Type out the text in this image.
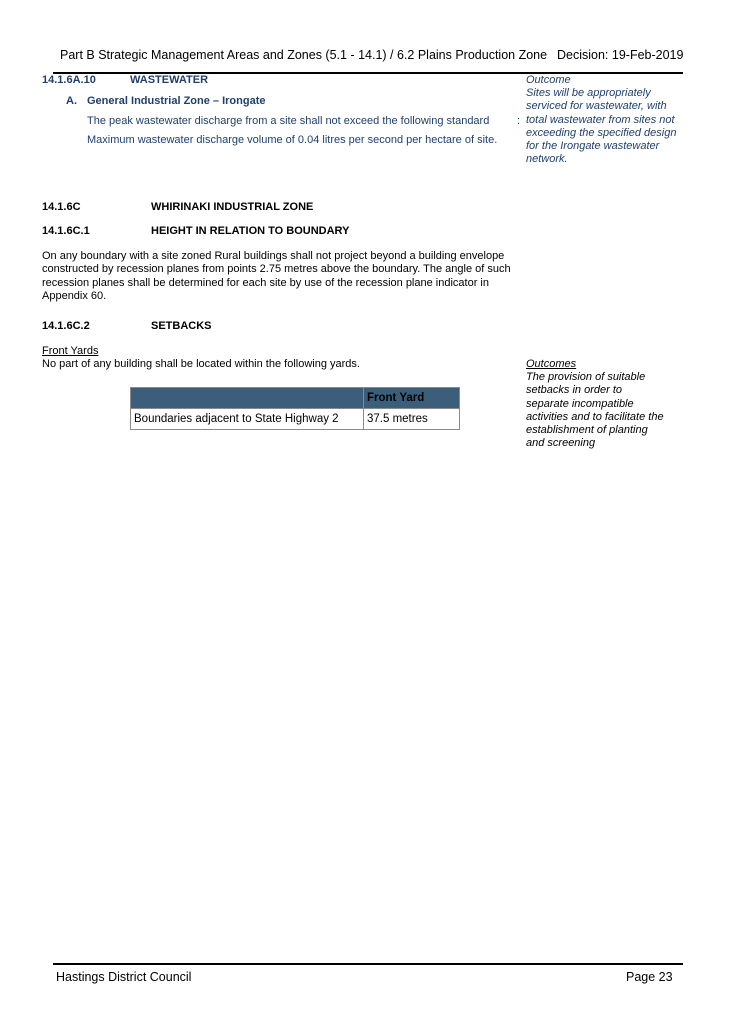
Part B Strategic Management Areas and Zones (5.1 - 14.1) / 6.2 Plains Production Zone Decision: 19-Feb-2019
14.1.6A.10	WASTEWATER
A. General Industrial Zone – Irongate
The peak wastewater discharge from a site shall not exceed the following standard	:
Maximum wastewater discharge volume of 0.04 litres per second per hectare of site.
Outcome
Sites will be appropriately
serviced for wastewater, with
total wastewater from sites not
exceeding the specified design
for the Irongate wastewater
network.
14.1.6C	WHIRINAKI INDUSTRIAL ZONE
14.1.6C.1	HEIGHT IN RELATION TO BOUNDARY
On any boundary with a site zoned Rural buildings shall not project beyond a building envelope
constructed by recession planes from points 2.75 metres above the boundary. The angle of such
recession planes shall be determined for each site by use of the recession plane indicator in
Appendix 60.
14.1.6C.2	SETBACKS
Front Yards
No part of any building shall be located within the following yards.
	Front Yard
Boundaries adjacent to State Highway 2	37.5 metres
Outcomes
The provision of suitable
setbacks in order to
separate incompatible
activities and to facilitate the
establishment of planting
and screening
Hastings District Council	Page 23
